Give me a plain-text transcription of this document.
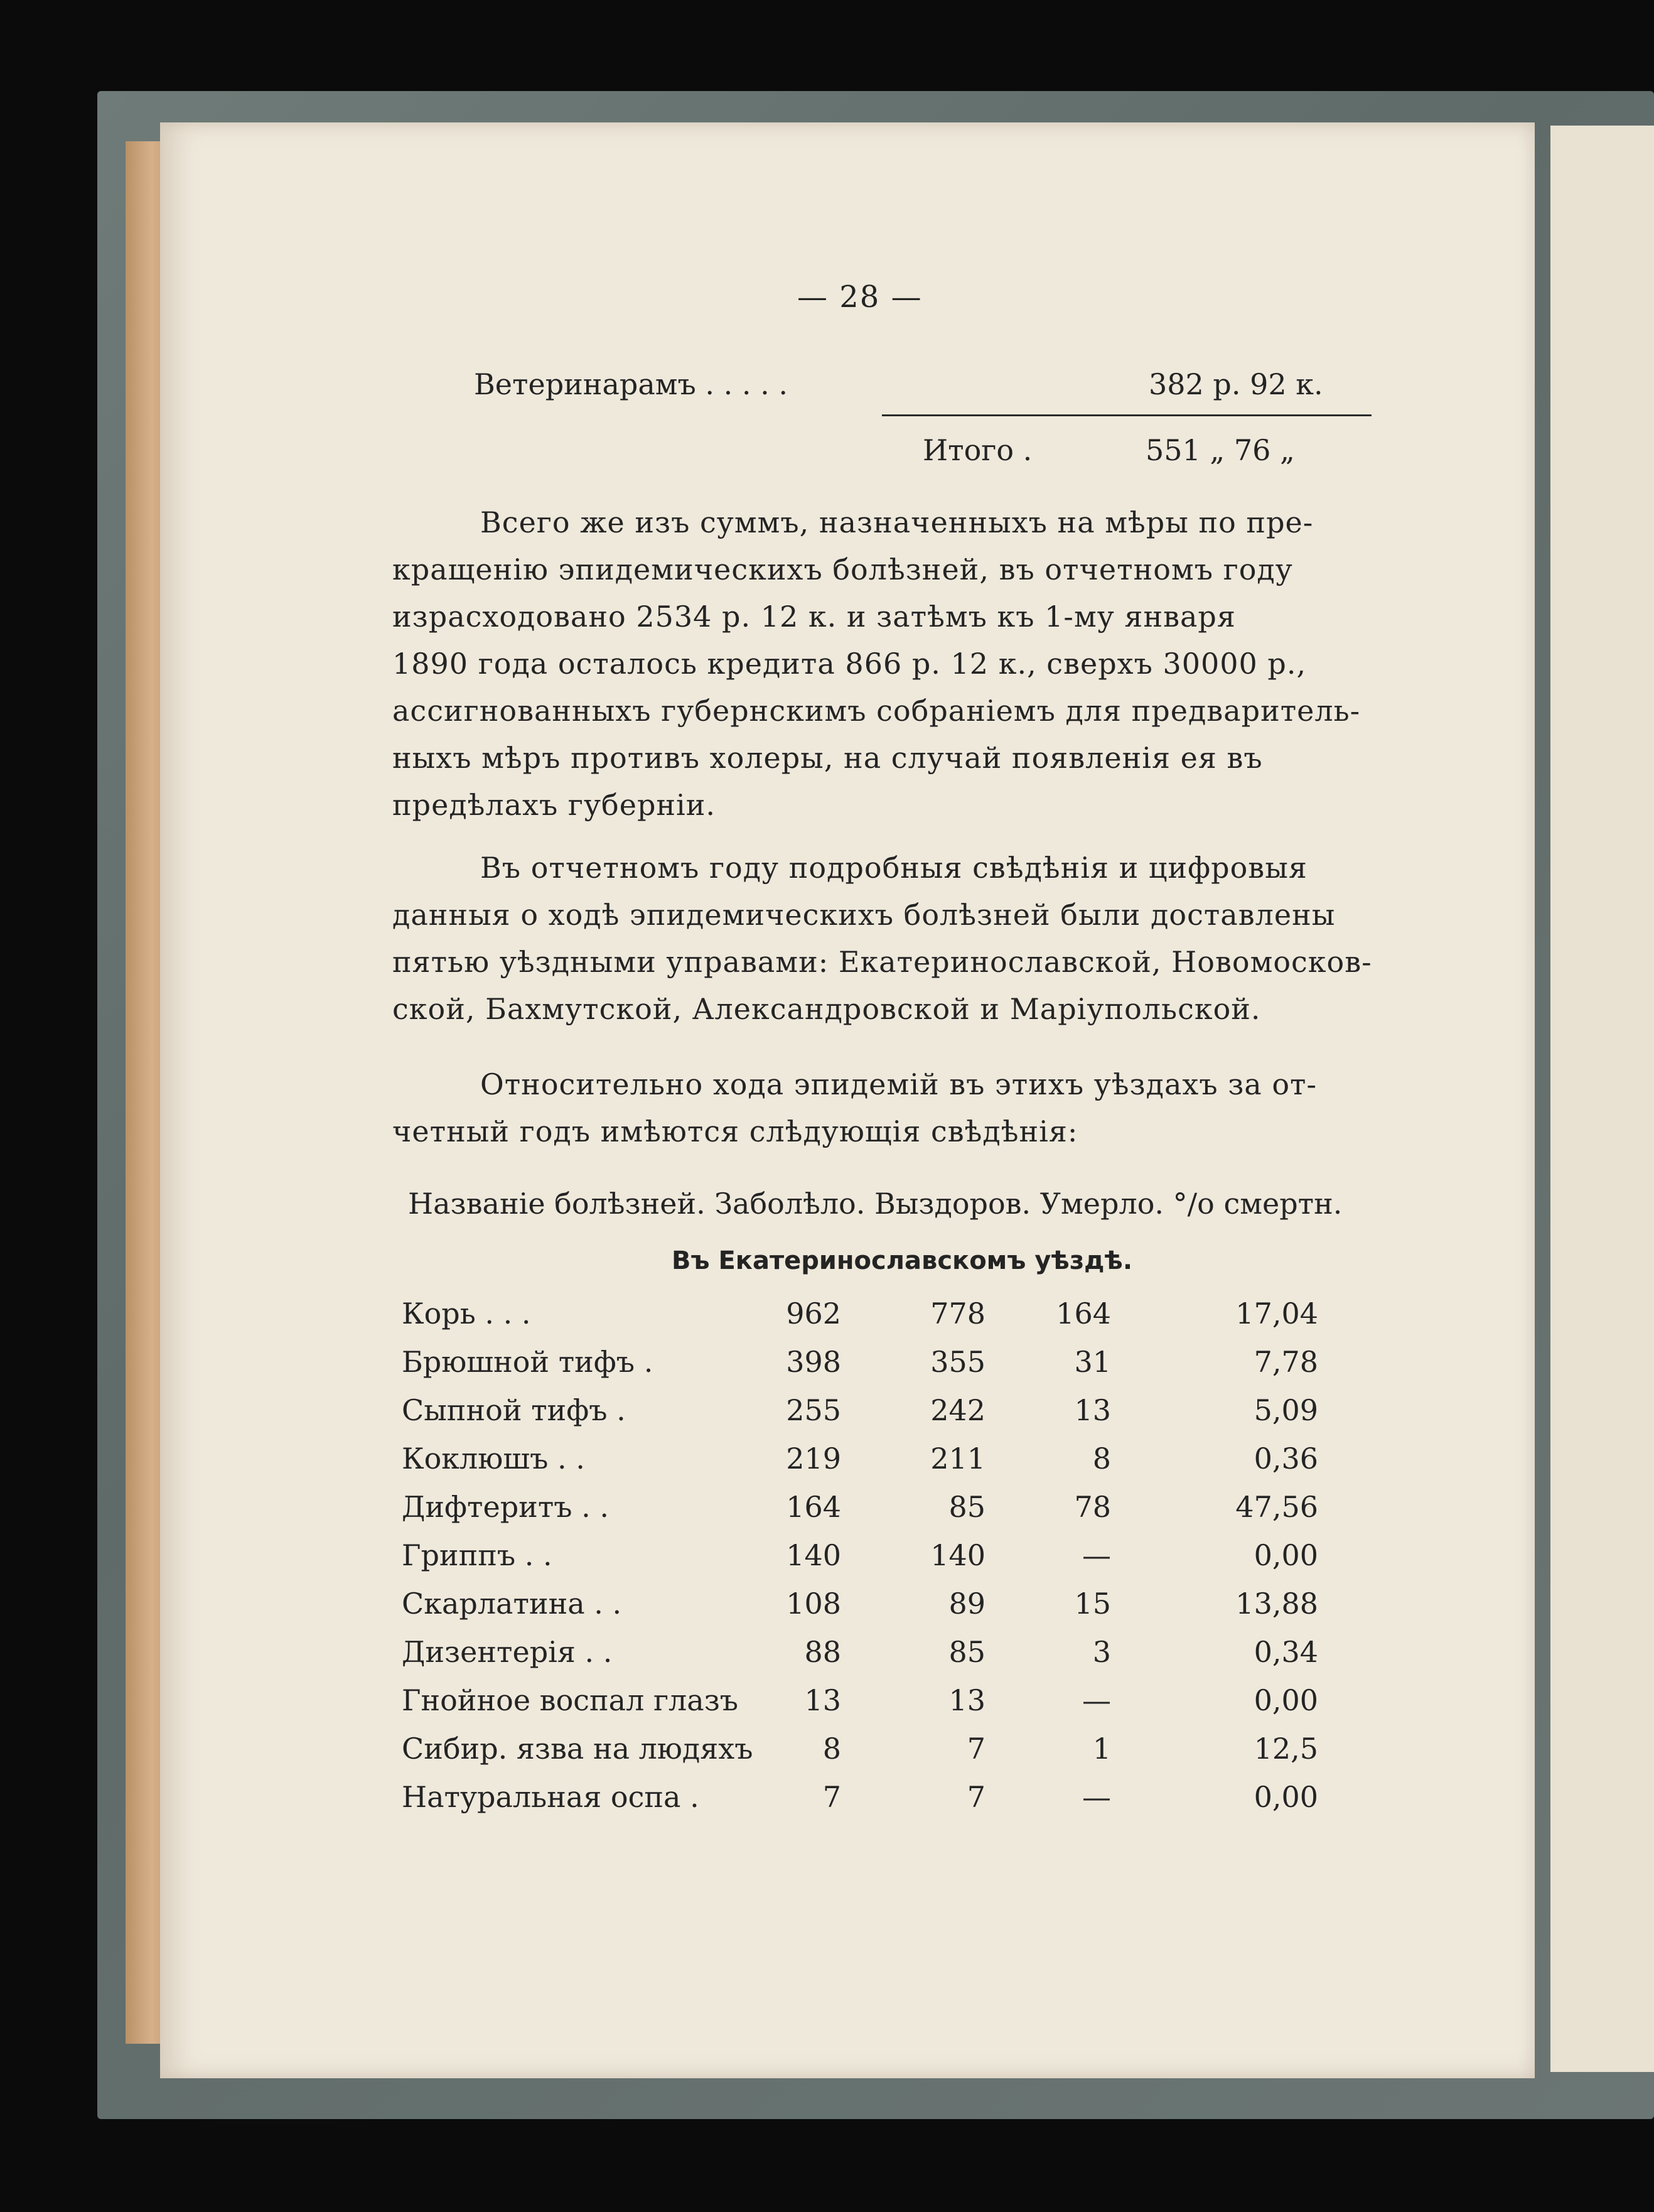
— 28 —
Ветеринарамъ . . . . .	382 р. 92 к.
Итого .	551 „ 76 „
Всего же изъ суммъ, назначенныхъ на мѣры по пре-
кращенію эпидемическихъ болѣзней, въ отчетномъ году
израсходовано 2534 р. 12 к. и затѣмъ къ 1-му января
1890 года осталось кредита 866 р. 12 к., сверхъ 30000 р.,
ассигнованныхъ губернскимъ собраніемъ для предваритель-
ныхъ мѣръ противъ холеры, на случай появленія ея въ
предѣлахъ губерніи.
Въ отчетномъ году подробныя свѣдѣнія и цифровыя
данныя о ходѣ эпидемическихъ болѣзней были доставлены
пятью уѣздными управами: Екатеринославской, Новомосков-
ской, Бахмутской, Александровской и Маріупольской.
Относительно хода эпидемій въ этихъ уѣздахъ за от-
четный годъ имѣются слѣдующія свѣдѣнія:
Названіе болѣзней. Заболѣло. Выздоров. Умерло. °/o смертн.
Въ Екатеринославскомъ уѣздѣ.
Корь . . .	962	778	164	17,04
Брюшной тифъ .	398	355	31	7,78
Сыпной тифъ .	255	242	13	5,09
Коклюшъ . .	219	211	8	0,36
Дифтеритъ . .	164	85	78	47,56
Гриппъ . .	140	140	—	0,00
Скарлатина . .	108	89	15	13,88
Дизентерія . .	88	85	3	0,34
Гнойное воспал глазъ	13	13	—	0,00
Сибир. язва на людяхъ	8	7	1	12,5
Натуральная оспа .	7	7	—	0,00
